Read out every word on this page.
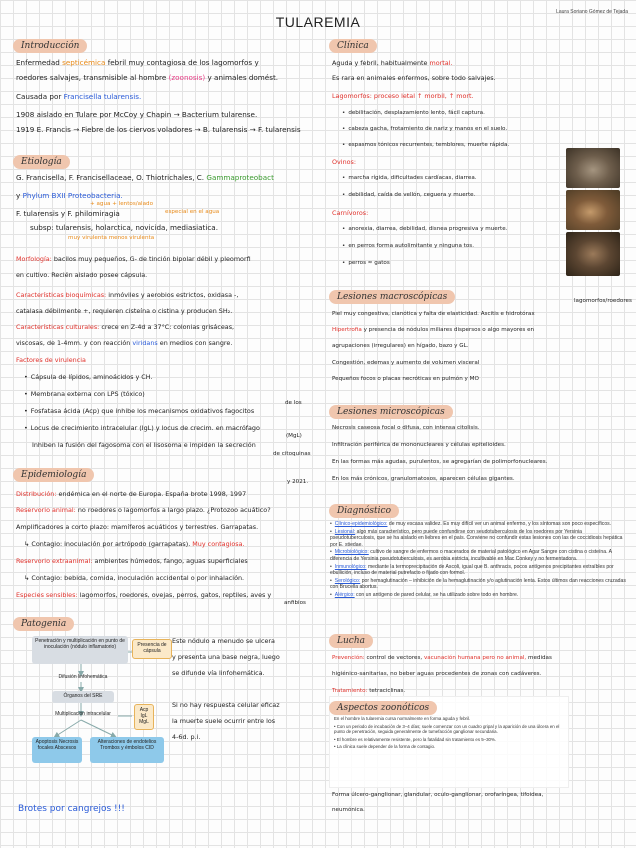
TULAREMIA
Laura Soriano Gómez de Tejada
Introducción
Enfermedad septicémica febril muy contagiosa de los lagomorfos y
roedores salvajes, transmisible al hombre (zoonosis) y animales domést.
Causada por Francisella tularensis.
1908 aislado en Tulare por McCoy y Chapin → Bacterium tularense.
1919 E. Francis → Fiebre de los ciervos voladores → B. tularensis → F. tularensis
Etiología
G. Francisella, F. Francisellaceae, O. Thiotrichales, C. Gammaproteobact
y Phylum BXII Proteobacteria.
+ agua + lentos/alado
F. tularensis y F. philomiragia	especial en el agua
subsp: tularensis, holarctica, novicida, mediasiatica.
muy virulenta menos virulenta
Morfología: bacilos muy pequeños, G- de tinción bipolar débil y pleomorfi
en cultivo. Recién aislado posee cápsula.
Características bioquímicas: inmóviles y aerobios estrictos, oxidasa -,
catalasa débilmente +, requieren cisteína o cistina y producen SH₂.
Características culturales: crece en Z-4d a 37°C: colonias grisáceas,
viscosas, de 1-4mm. y con reacción viridans en medios con sangre.
Factores de virulencia
• Cápsula de lípidos, aminoácidos y CH.
• Membrana externa con LPS (tóxico)
de los
• Fosfatasa ácida (Acp) que inhibe los mecanismos oxidativos fagocitos
• Locus de crecimiento intracelular (IgL) y locus de crecim. en macrófago
(MgL)
Inhiben la fusión del fagosoma con el lisosoma e impiden la secreción
de citoquinas
Epidemiología
y 2021.
Distribución: endémica en el norte de Europa. España brote 1998, 1997
Reservorio animal: no roedores o lagomorfos a largo plazo. ¿Protozoo acuático?
Amplificadores a corto plazo: mamíferos acuáticos y terrestres. Garrapatas.
↳ Contagio: inoculación por artrópodo (garrapatas). Muy contagiosa.
Reservorio extraanimal: ambientes húmedos, fango, aguas superficiales
↳ Contagio: bebida, comida, inoculación accidental o por inhalación.
Especies sensibles: lagomorfos, roedores, ovejas, perros, gatos, reptiles, aves y
anfibios
Patogenia
Penetración y multiplicación en punto de inoculación (nódulo inflamatorio)	Presencia de cápsula
Difusión linfohemática
Órganos del SRE
Multiplicación intracelular
Acp IgL MgL
Apoptosis Necrosis focales Abscesos
Alteraciones de endotelios Trombos y émbolos CID
Este nódulo a menudo se ulcera
y presenta una base negra, luego
se difunde vía linfohemática.
Si no hay respuesta celular eficaz
la muerte suele ocurrir entre los
4-6d. p.i.
Brotes por cangrejos !!!
Clínica
Aguda y febril, habitualmente mortal.
Es rara en animales enfermos, sobre todo salvajes.
Lagomorfos: proceso letal ↑ morbil, ↑ mort.
• debilitación, desplazamiento lento, fácil captura.
• cabeza gacha, frotamiento de nariz y manos en el suelo.
• espasmos tónicos recurrentes, temblores, muerte rápida.
Ovinos:
• marcha rígida, dificultades cardíacas, diarrea.
• debilidad, caída de vellón, ceguera y muerte.
Carnívoros:
• anorexia, diarrea, debilidad, disnea progresiva y muerte.
• en perros forma autolimitante y ninguna tos.
• perros ≈ gatos
Lesiones macroscópicas	lagomorfos/roedores
Piel muy congestiva, cianótica y falta de elasticidad. Ascitis e hidrotórax
Hipertrofia y presencia de nódulos miliares dispersos o algo mayores en
agrupaciones (irregulares) en hígado, bazo y GL.
Congestión, edemas y aumento de volumen visceral
Pequeños focos o placas necróticas en pulmón y MO
Lesiones microscópicas
Necrosis caseosa focal o difusa, con intensa citolisis.
Infiltración periférica de mononucleares y células epitelioides.
En las formas más agudas, purulentos, se agregarían de polimorfonucleares.
En los más crónicos, granulomatosos, aparecen células gigantes.
Diagnóstico
• Clínico-epidemiológico: de muy escasa validez. Es muy difícil ver un animal enfermo, y los síntomas son poco específicos.
• Lesional: algo más característico, pero puede confundirse con seudotuberculosis de los roedores por Yersinia pseudotuberculosis, que se ha aislado en liebres en el país. Conviene no confundir estas lesiones con las de coccidiosis hepática por E. stiedae.
• Microbiológico: cultivo de sangre de enfermos o macerados de material patológico en Agar Sangre con cistina o cisteína. A diferencia de Yersinia pseudotuberculosis, es aerobia estricta, incultivable en Mac Conkey y no fermentadora.
• Inmunológico: mediante la termoprecipitación de Ascoli, igual que B. anthracis, pocos antígenos precipitantes extraíbles por ebullición, incluso de material putrefacto o fijado con formol.
• Serológico: por hemaglutinación – inhibición de la hemaglutinación y/o aglutinación lenta. Estos últimos dan reacciones cruzadas con Brucella abortus.
• Alérgico: con un antígeno de pared celular, se ha utilizado sobre todo en hombre.
Lucha
Prevención: control de vectores, vacunación humana pero no animal, medidas
higiénico-sanitarias, no beber aguas procedentes de zonas con cadáveres.
Tratamiento: tetraciclinas.
Aspectos zoonóticos
En el hombre la tularemia cursa normalmente en forma aguda y febril.
• Con un periodo de incubación de 3–4 días; suele comenzar con un cuadro gripal y la aparición de una úlcera en el punto de penetración, seguida generalmente de tumefacción ganglionar secundaria.
• El hombre es relativamente resistente, pero la fatalidad sin tratamiento es 5–30%.
• La clínica suele depender de la forma de contagio.
Forma úlcero-ganglionar, glandular, oculo-ganglionar, orofaríngea, tifoidea,
neumónica.
